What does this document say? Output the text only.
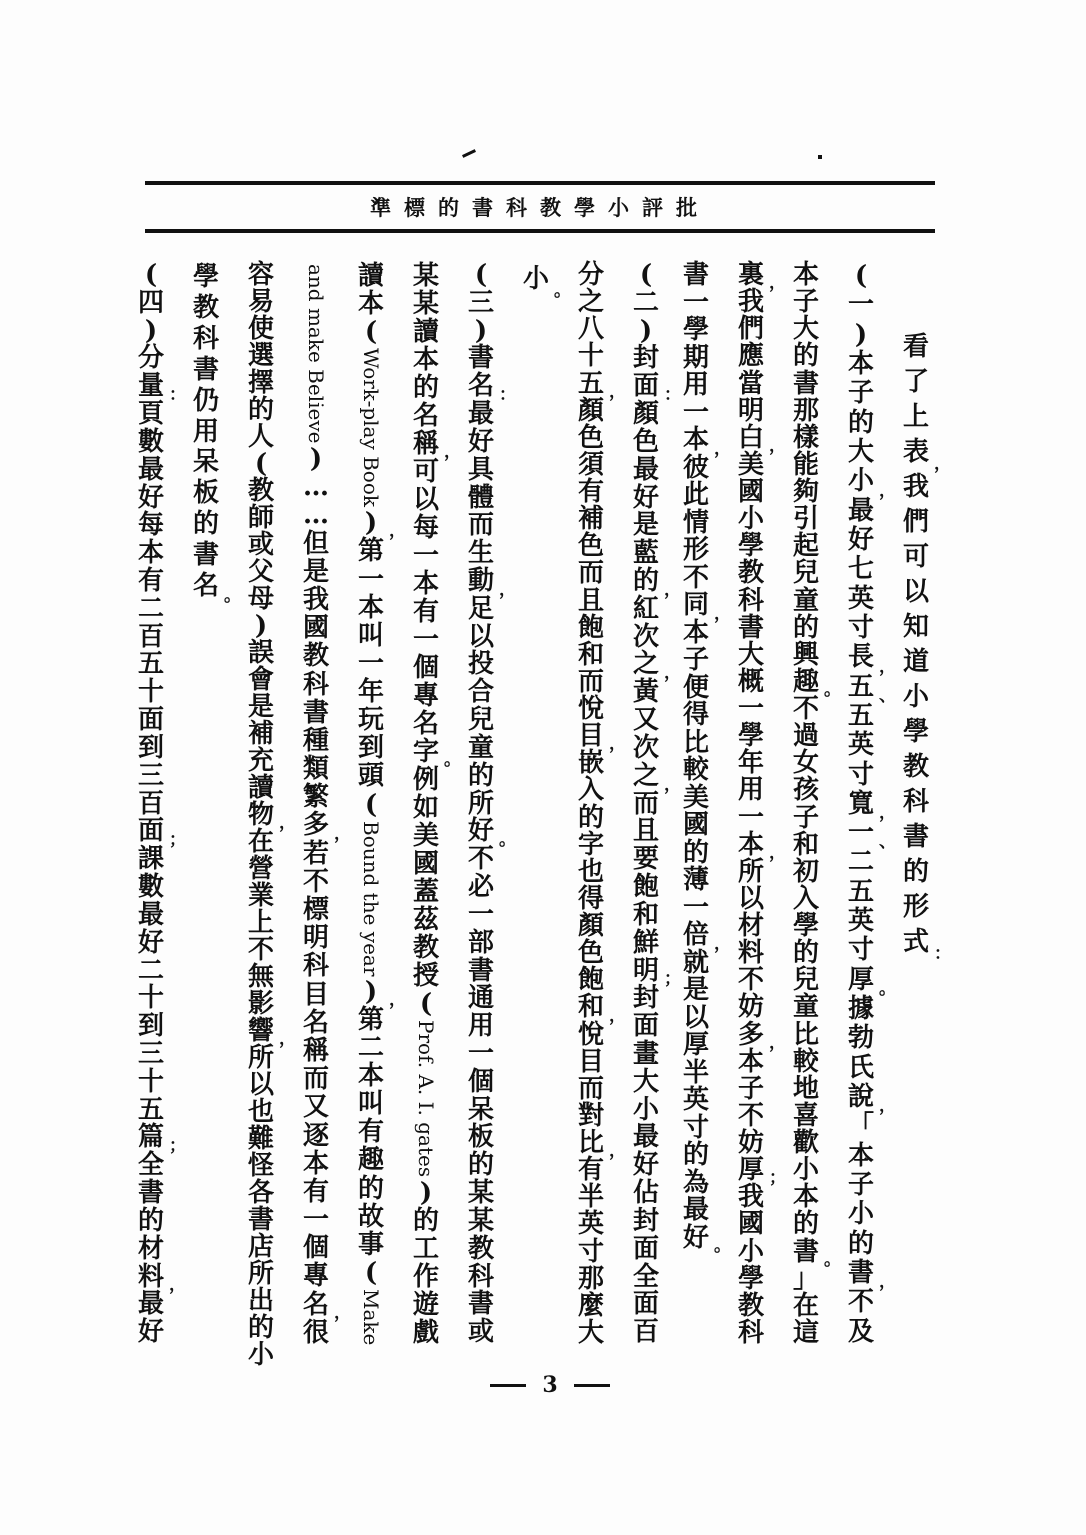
批評小學教科書的標準
看
了
上
表 ，
我
們
可
以
知
道
小
學
教
科
書
的
形
式 ：
(
一
)
本
子
的
大
小 ，
最
好
七
英
寸
長 ，
五 、
五
英
寸
寬 ，
一 、
二
五
英
寸
厚 。
據
勃
氏
說 ，
「
本
子
小
的
書 ，
不
及
本
子
大
的
書
那
樣
能
夠
引
起
兒
童
的
興
趣 。
不
過
女
孩
子
和
初
入
學
的
兒
童
比
較
地
喜
歡
小
本
的
書 。
」
在
這
裏 ，
我
們
應
當
明
白 ，
美
國
小
學
教
科
書
大
概
一
學
年
用
一
本 ，
所
以
材
料
不
妨
多 ，
本
子
不
妨
厚 ；
我
國
小
學
教
科
書
一
學
期
用
一
本 ，
彼
此
情
形
不
同 ，
本
子
便
得
比
較
美
國
的
薄
一
倍 ，
就
是
以
厚
半
英
寸
的
為
最
好 。
(
二
)
封
面 ：
顏
色
最
好
是
藍
的 ，
紅
次
之 ，
黃
又
次
之 ，
而
且
要
飽
和
鮮
明 ；
封
面
畫
大
小
最
好
佔
封
面
全
面
百
分
之
八
十
五 ，
顏
色
須
有
補
色
而
且
飽
和
而
悅
目 ，
嵌
入
的
字
也
得
顏
色
飽
和 ，
悅
目
而
對
比 ，
有
半
英
寸
那
麼
大
小 。
(
三
)
書
名 ：
最
好
具
體
而
生
動 ，
足
以
投
合
兒
童
的
所
好 。
不
必
一
部
書
通
用
一
個
呆
板
的
某
某
教
科
書
或
某
某
讀
本
的
名
稱 ，
可
以
每
一
本
有
一
個
專
名
字 。
例
如
美
國
蓋
茲
教
授
(
Prof. A. I. gates
)
的
工
作
遊
戲
讀
本
(
Work-play Book
) ，
第
一
本
叫
一
年
玩
到
頭
(
Bound the year
) ，
第
二
本
叫
有
趣
的
故
事
(
Make
and make Believe
)
…
…
但
是
我
國
教
科
書
種
類
繁
多 ，
若
不
標
明
科
目
名
稱
而
又
逐
本
有
一
個
專
名 ，
很
容
易
使
選
擇
的
人
(
教
師
或
父
母
)
誤
會
是
補
充
讀
物 ，
在
營
業
上
不
無
影
響 ，
所
以
也
難
怪
各
書
店
所
出
的
小
學
教
科
書
仍
用
呆
板
的
書
名 。
(
四
)
分
量 ：
頁
數
最
好
每
本
有
二
百
五
十
面
到
三
百
面 ；
課
數
最
好
二
十
到
三
十
五
篇 ；
全
書
的
材
料 ，
最
好
3
